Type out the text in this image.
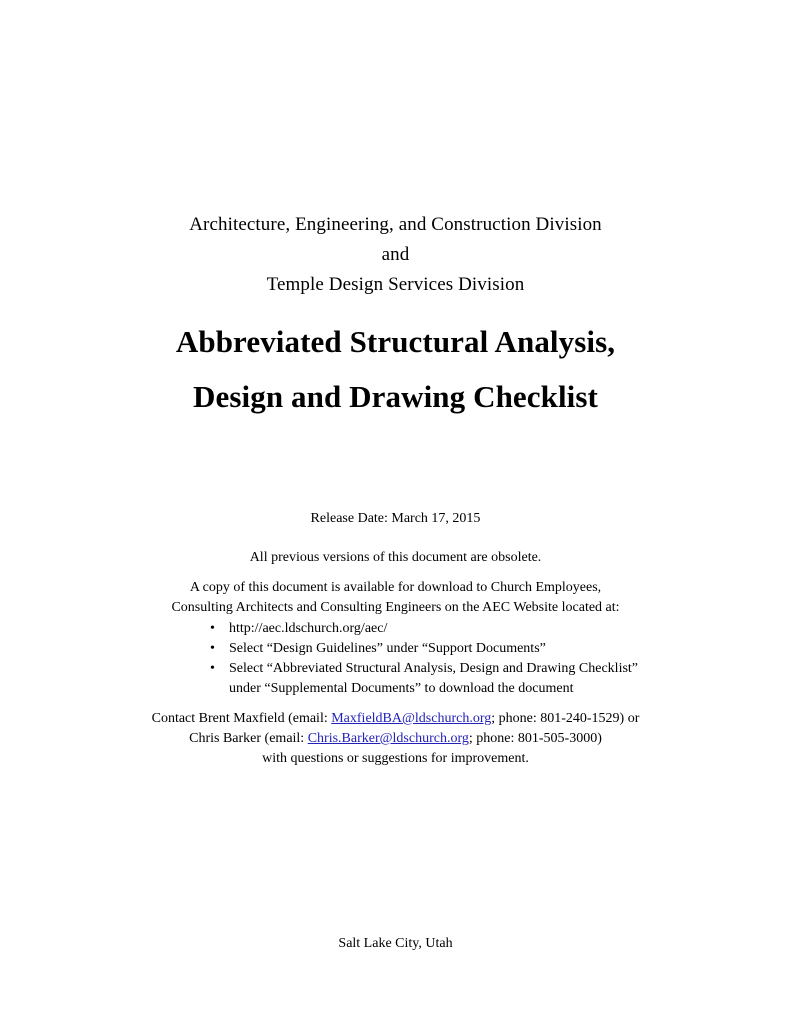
Architecture, Engineering, and Construction Division
and
Temple Design Services Division
Abbreviated Structural Analysis,
Design and Drawing Checklist
Release Date: March 17, 2015
All previous versions of this document are obsolete.
A copy of this document is available for download to Church Employees,
Consulting Architects and Consulting Engineers on the AEC Website located at:
• http://aec.ldschurch.org/aec/
• Select “Design Guidelines” under “Support Documents”
• Select “Abbreviated Structural Analysis, Design and Drawing Checklist”
under “Supplemental Documents” to download the document
Contact Brent Maxfield (email: MaxfieldBA@ldschurch.org; phone: 801-240-1529) or
Chris Barker (email: Chris.Barker@ldschurch.org; phone: 801-505-3000)
with questions or suggestions for improvement.
Salt Lake City, Utah
